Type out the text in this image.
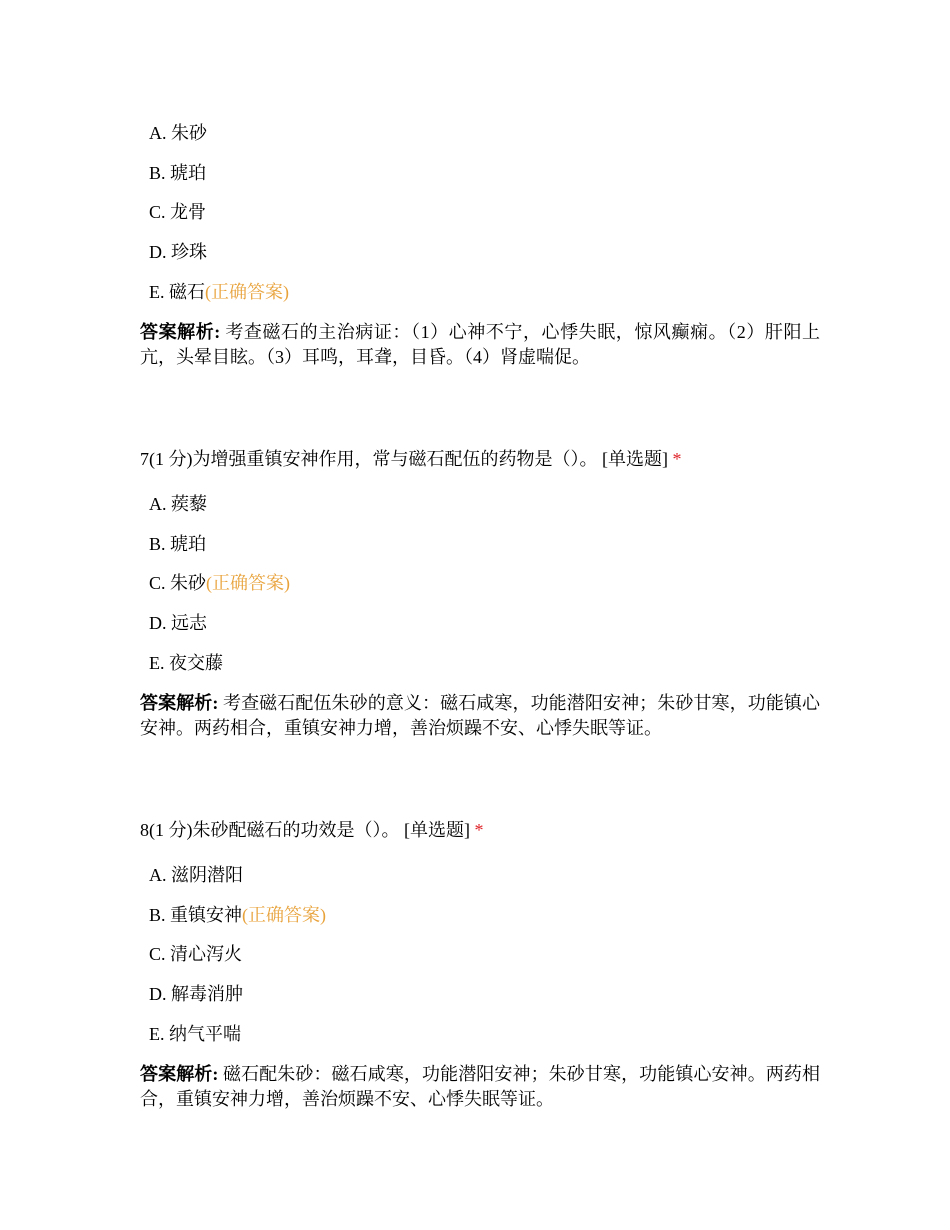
A. 朱砂
B. 琥珀
C. 龙骨
D. 珍珠
E. 磁石(正确答案)
答案解析: 考查磁石的主治病证：（1）心神不宁，心悸失眠，惊风癫痫。（2）肝阳上亢，头晕目眩。（3）耳鸣，耳聋，目昏。（4）肾虚喘促。
7(1 分)为增强重镇安神作用，常与磁石配伍的药物是（）。 [单选题] *
A. 蒺藜
B. 琥珀
C. 朱砂(正确答案)
D. 远志
E. 夜交藤
答案解析: 考查磁石配伍朱砂的意义：磁石咸寒，功能潜阳安神；朱砂甘寒，功能镇心安神。两药相合，重镇安神力增，善治烦躁不安、心悸失眠等证。
8(1 分)朱砂配磁石的功效是（）。 [单选题] *
A. 滋阴潜阳
B. 重镇安神(正确答案)
C. 清心泻火
D. 解毒消肿
E. 纳气平喘
答案解析: 磁石配朱砂：磁石咸寒，功能潜阳安神；朱砂甘寒，功能镇心安神。两药相合，重镇安神力增，善治烦躁不安、心悸失眠等证。
